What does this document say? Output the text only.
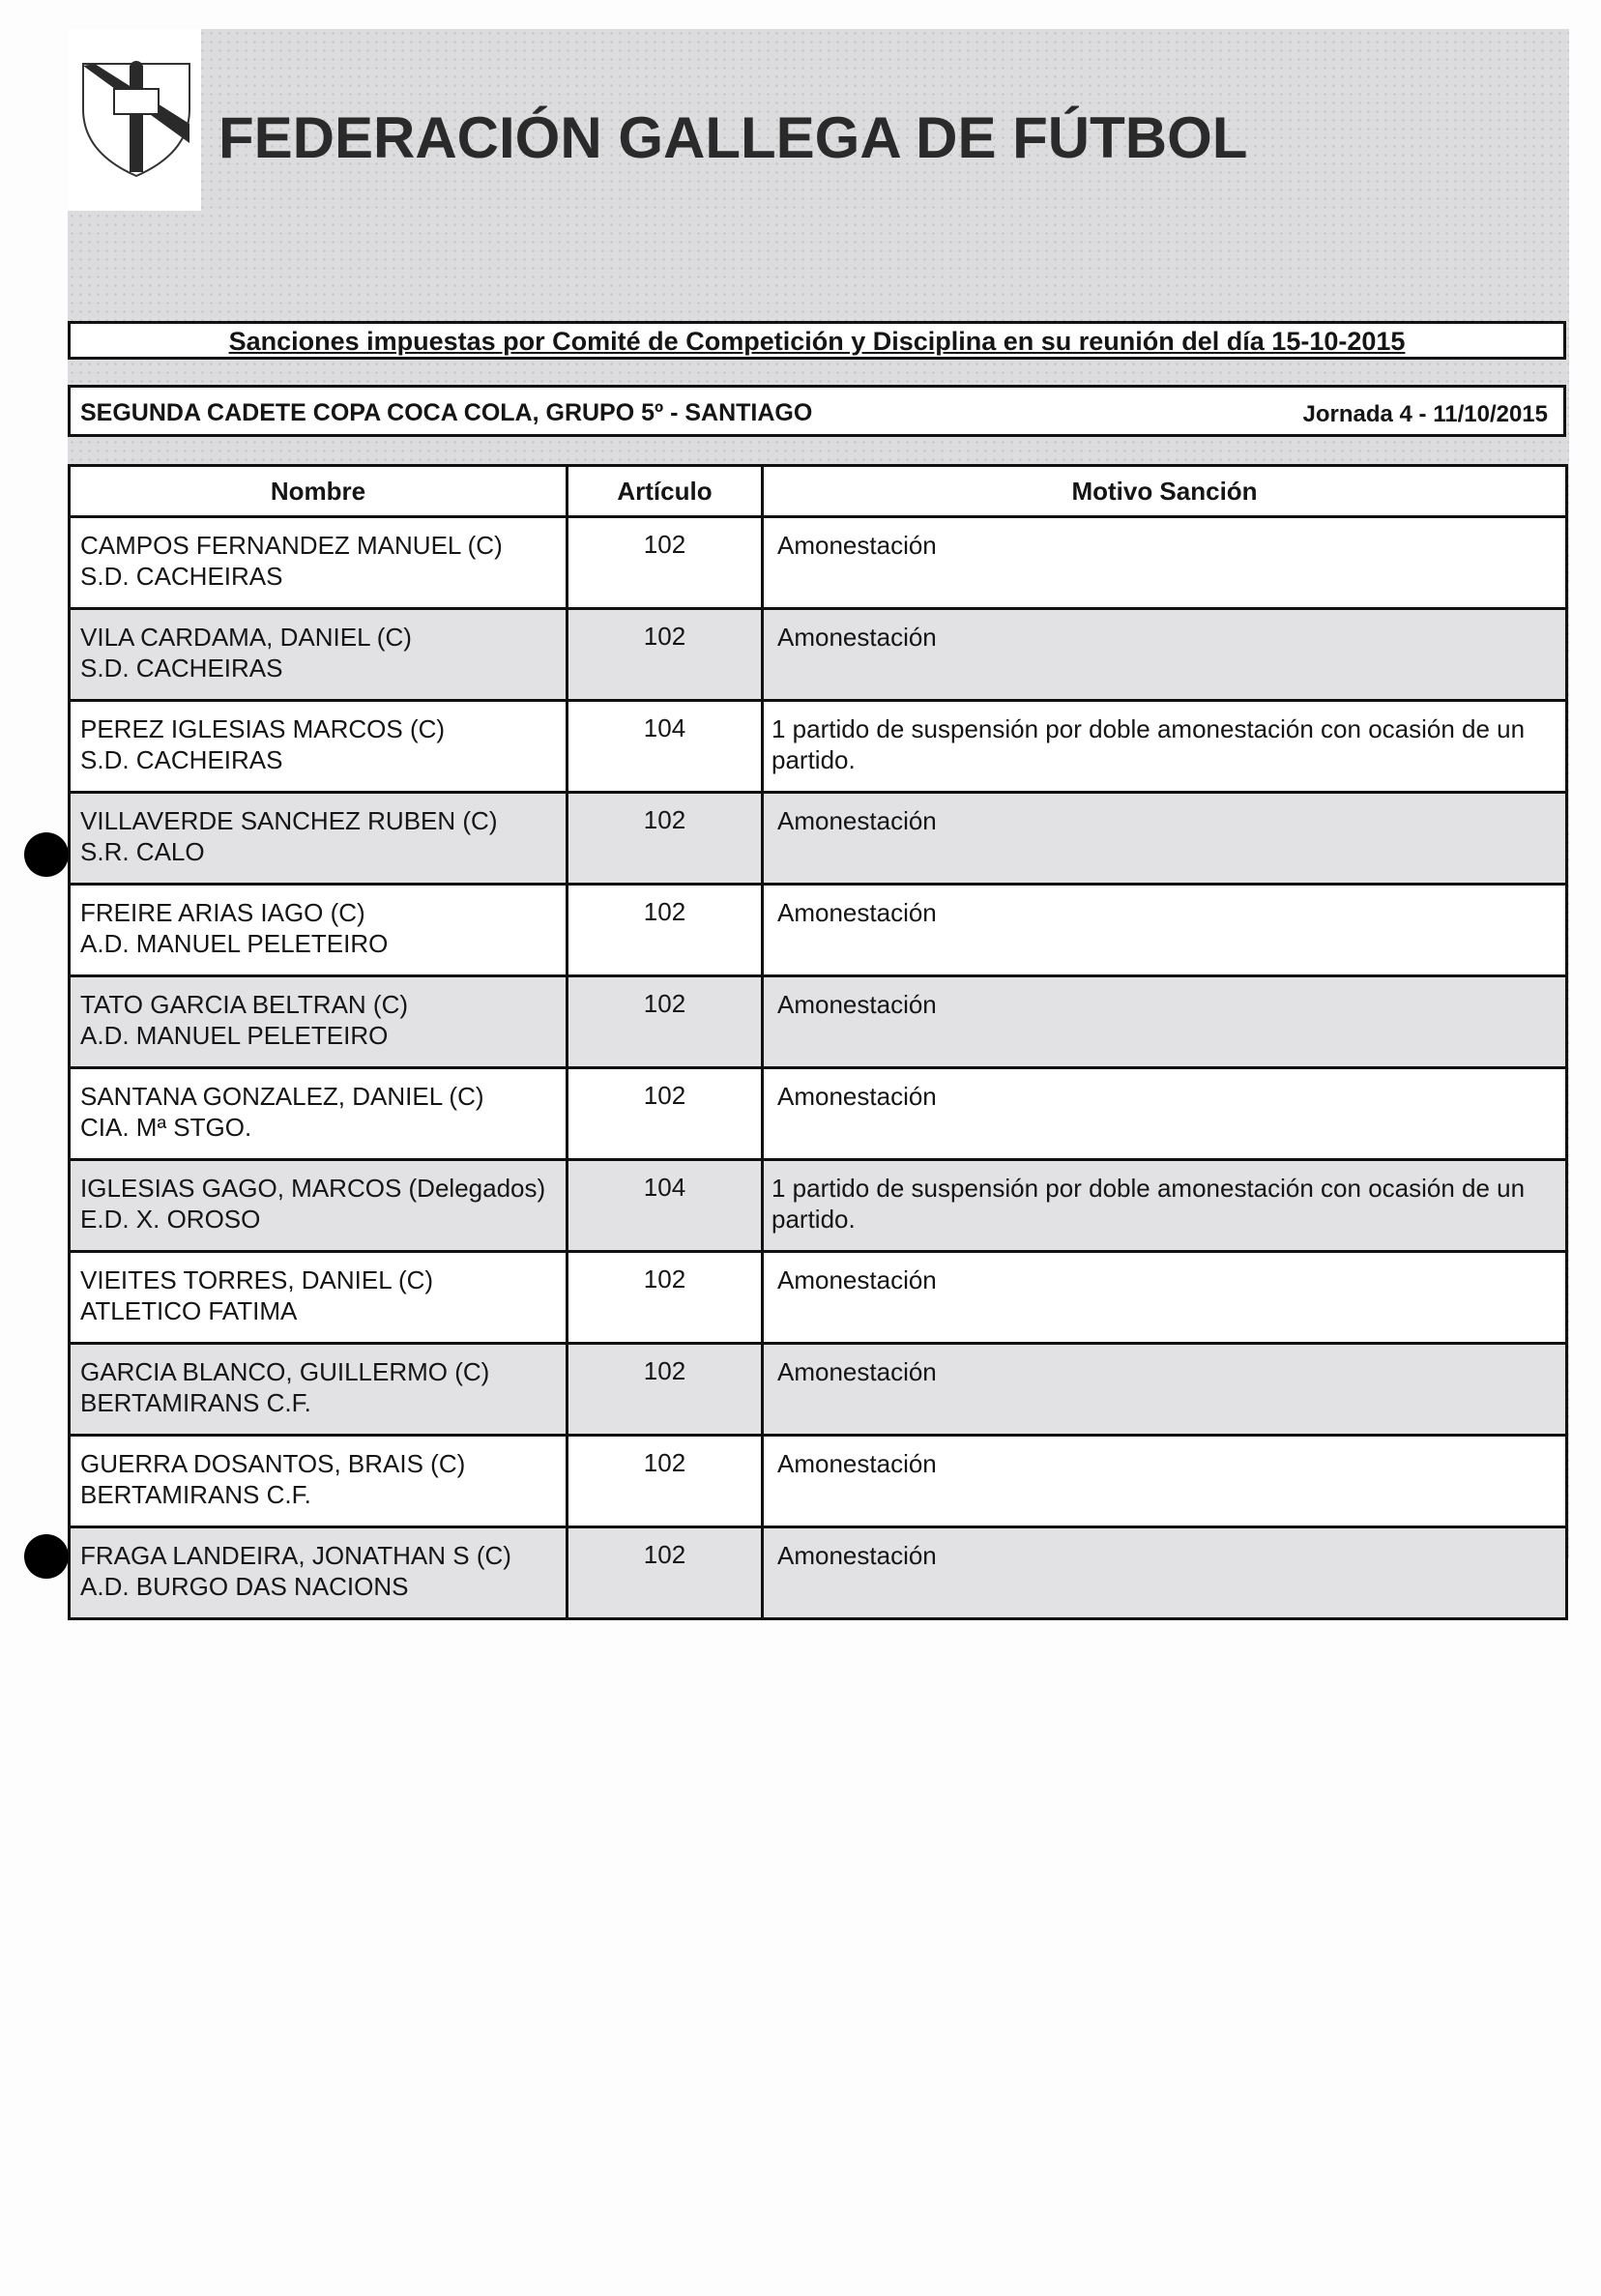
FEDERACIÓN GALLEGA DE FÚTBOL
Sanciones impuestas por Comité de Competición y Disciplina en su reunión del día 15-10-2015
SEGUNDA CADETE COPA COCA COLA, GRUPO 5º - SANTIAGO	Jornada 4 - 11/10/2015
Nombre	Artículo	Motivo Sanción

CAMPOS FERNANDEZ MANUEL (C)
S.D. CACHEIRAS	102	Amonestación

VILA CARDAMA, DANIEL (C)
S.D. CACHEIRAS	102	Amonestación

PEREZ IGLESIAS MARCOS (C)
S.D. CACHEIRAS	104	1 partido de suspensión por doble amonestación con ocasión de un partido.

VILLAVERDE SANCHEZ RUBEN (C)
S.R. CALO	102	Amonestación

FREIRE ARIAS IAGO (C)
A.D. MANUEL PELETEIRO	102	Amonestación

TATO GARCIA BELTRAN (C)
A.D. MANUEL PELETEIRO	102	Amonestación

SANTANA GONZALEZ, DANIEL (C)
CIA. Mª STGO.	102	Amonestación

IGLESIAS GAGO, MARCOS (Delegados)
E.D. X. OROSO	104	1 partido de suspensión por doble amonestación con ocasión de un partido.

VIEITES TORRES, DANIEL (C)
ATLETICO FATIMA	102	Amonestación

GARCIA BLANCO, GUILLERMO (C)
BERTAMIRANS C.F.	102	Amonestación

GUERRA DOSANTOS, BRAIS (C)
BERTAMIRANS C.F.	102	Amonestación

FRAGA LANDEIRA, JONATHAN S (C)
A.D. BURGO DAS NACIONS	102	Amonestación
